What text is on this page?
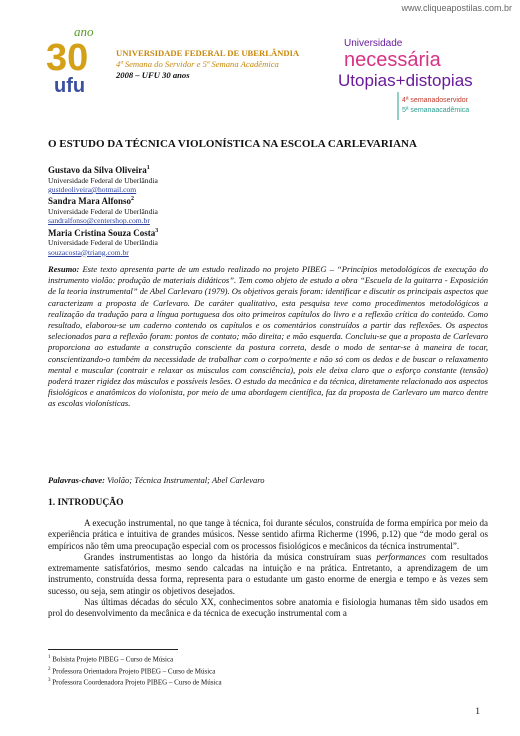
www.cliqueapostilas.com.br
ano
30
ufu
UNIVERSIDADE FEDERAL DE UBERLÂNDIA
4ª Semana do Servidor e 5ª Semana Acadêmica
2008 – UFU 30 anos
Universidade
necessária
Utopias+distopias
4ª semanadoservidor
5ª semanaacadêmica
O ESTUDO DA TÉCNICA VIOLONÍSTICA NA ESCOLA CARLEVARIANA
Gustavo da Silva Oliveira$^1$
Universidade Federal de Uberlândia
gustdeoliveira@hotmail.com
Sandra Mara Alfonso$^2$
Universidade Federal de Uberlândia
sandralfonso@centershop.com.br
Maria Cristina Souza Costa$^3$
Universidade Federal de Uberlândia
souzacosta@triang.com.br
Resumo: Este texto apresenta parte de um estudo realizado no projeto PIBEG – “Princípios metodológicos de execução do instrumento violão: produção de materiais didáticos”. Tem como objeto de estudo a obra “Escuela de la guitarra - Exposición de la teoria instrumental” de Abel Carlevaro (1979). Os objetivos gerais foram: identificar e discutir os principais aspectos que caracterizam a proposta de Carlevaro. De caráter qualitativo, esta pesquisa teve como procedimentos metodológicos a realização da tradução para a língua portuguesa dos oito primeiros capítulos do livro e a reflexão crítica do conteúdo. Como resultado, elaborou-se um caderno contendo os capítulos e os comentários construídos a partir das reflexões. Os aspectos selecionados para a reflexão foram: pontos de contato; mão direita; e mão esquerda. Concluiu-se que a proposta de Carlevaro proporciona ao estudante a construção consciente da postura correta, desde o modo de sentar-se à maneira de tocar, conscientizando-o também da necessidade de trabalhar com o corpo/mente e não só com os dedos e de buscar o relaxamento mental e muscular (contrair e relaxar os músculos com consciência), pois ele deixa claro que o esforço constante (tensão) poderá trazer rigidez dos músculos e possíveis lesões. O estudo da mecânica e da técnica, diretamente relacionado aos aspectos fisiológicos e anatômicos do violonista, por meio de uma abordagem científica, faz da proposta de Carlevaro um marco dentre as escolas violonísticas.
Palavras-chave: Violão; Técnica Instrumental; Abel Carlevaro
1. INTRODUÇÃO

A execução instrumental, no que tange à técnica, foi durante séculos, construída de forma empírica por meio da experiência prática e intuitiva de grandes músicos. Nesse sentido afirma Richerme (1996, p.12) que “de modo geral os empíricos não têm uma preocupação especial com os processos fisiológicos e mecânicos da técnica instrumental”.

Grandes instrumentistas ao longo da história da música construíram suas performances com resultados extremamente satisfatórios, mesmo sendo calcadas na intuição e na prática. Entretanto, a aprendizagem de um instrumento, construída dessa forma, representa para o estudante um gasto enorme de energia e tempo e às vezes sem sucesso, ou seja, sem atingir os objetivos desejados.

Nas últimas décadas do século XX, conhecimentos sobre anatomia e fisiologia humanas têm sido usados em prol do desenvolvimento da mecânica e da técnica de execução instrumental com a

$^1$ Bolsista Projeto PIBEG – Curso de Música
$^2$ Professora Orientadora Projeto PIBEG – Curso de Música
$^3$ Professora Coordenadora Projeto PIBEG – Curso de Música
1
